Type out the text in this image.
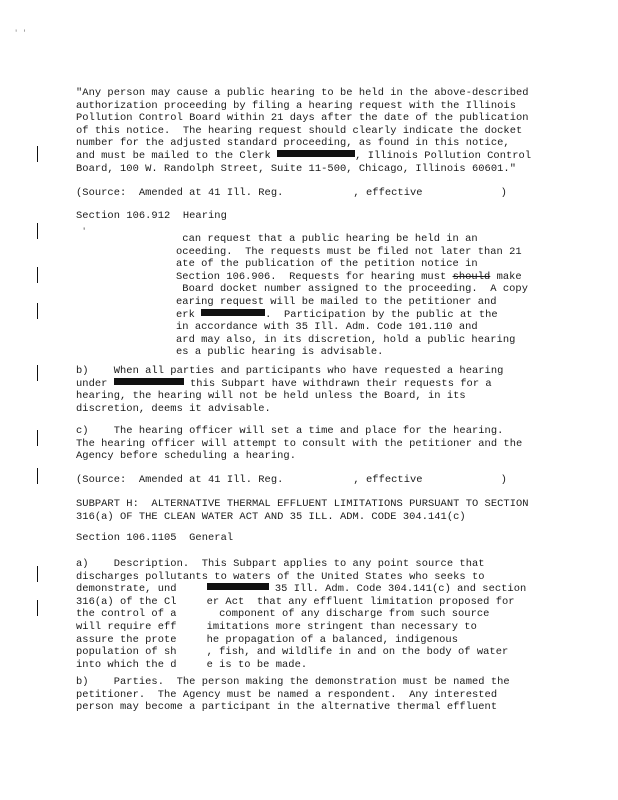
' '
"Any person may cause a public hearing to be held in the above-described
authorization proceeding by filing a hearing request with the Illinois
Pollution Control Board within 21 days after the date of the publication
of this notice.  The hearing request should clearly indicate the docket
number for the adjusted standard proceeding, as found in this notice,
and must be mailed to the Clerk	, Illinois Pollution Control
Board, 100 W. Randolph Street, Suite 11-500, Chicago, Illinois 60601."
(Source:  Amended at 41 Ill. Reg.	, effective	)
Section 106.912  Hearing
'
can request that a public hearing be held in an
oceeding.  The requests must be filed not later than 21
ate of the publication of the petition notice in
Section 106.906.  Requests for hearing must should make
Board docket number assigned to the proceeding.  A copy
earing request will be mailed to the petitioner and
erk	.  Participation by the public at the
in accordance with 35 Ill. Adm. Code 101.110 and
ard may also, in its discretion, hold a public hearing
es a public hearing is advisable.
b)    When all parties and participants who have requested a hearing
under	this Subpart have withdrawn their requests for a
hearing, the hearing will not be held unless the Board, in its
discretion, deems it advisable.
c)    The hearing officer will set a time and place for the hearing.
The hearing officer will attempt to consult with the petitioner and the
Agency before scheduling a hearing.
(Source:  Amended at 41 Ill. Reg.	, effective	)
SUBPART H:  ALTERNATIVE THERMAL EFFLUENT LIMITATIONS PURSUANT TO SECTION
316(a) OF THE CLEAN WATER ACT AND 35 ILL. ADM. CODE 304.141(c)
Section 106.1105  General
a)    Description.  This Subpart applies to any point source that
discharges pollutants to waters of the United States who seeks to
demonstrate, und	35 Ill. Adm. Code 304.141(c) and section
316(a) of the Cl	er Act  that any effluent limitation proposed for
the control of a	component of any discharge from such source
will require eff	imitations more stringent than necessary to
assure the prote	he propagation of a balanced, indigenous
population of sh	, fish, and wildlife in and on the body of water
into which the d	e is to be made.
b)    Parties.  The person making the demonstration must be named the
petitioner.  The Agency must be named a respondent.  Any interested
person may become a participant in the alternative thermal effluent
